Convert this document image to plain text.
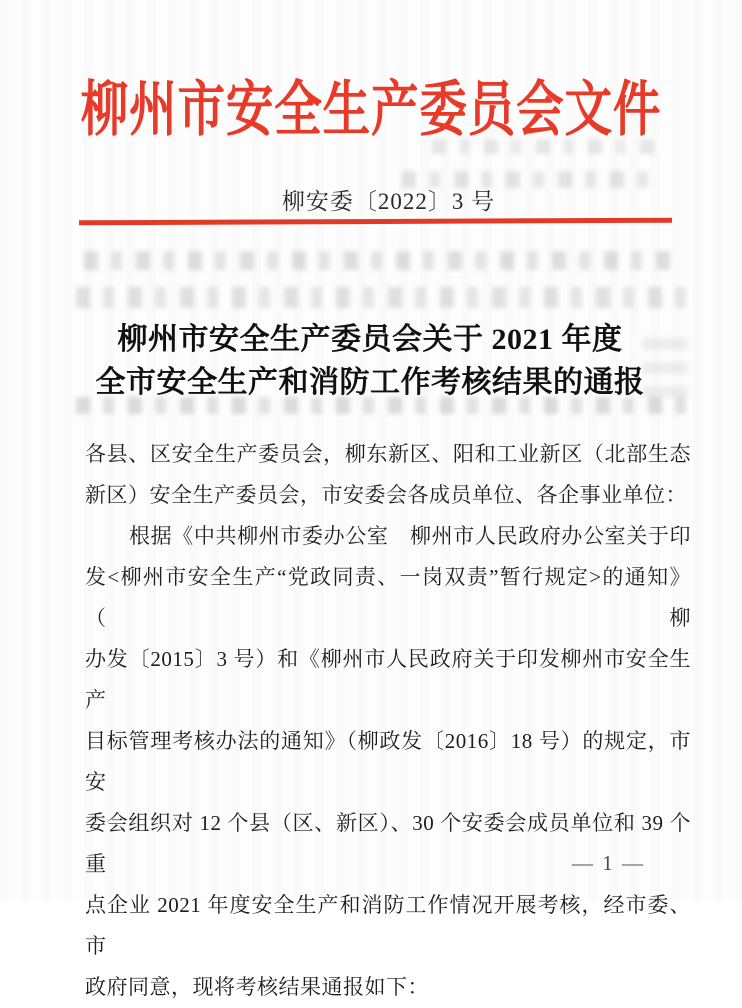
柳州市安全生产委员会文件
柳安委〔2022〕3 号
柳州市安全生产委员会关于 2021 年度
全市安全生产和消防工作考核结果的通报
各县、区安全生产委员会，柳东新区、阳和工业新区（北部生态
新区）安全生产委员会，市安委会各成员单位、各企事业单位：
根据《中共柳州市委办公室　柳州市人民政府办公室关于印
发<柳州市安全生产“党政同责、一岗双责”暂行规定>的通知》（柳
办发〔2015〕3 号）和《柳州市人民政府关于印发柳州市安全生产
目标管理考核办法的通知》（柳政发〔2016〕18 号）的规定，市安
委会组织对 12 个县（区、新区）、30 个安委会成员单位和 39 个重
点企业 2021 年度安全生产和消防工作情况开展考核，经市委、市
政府同意，现将考核结果通报如下：
— 1 —
